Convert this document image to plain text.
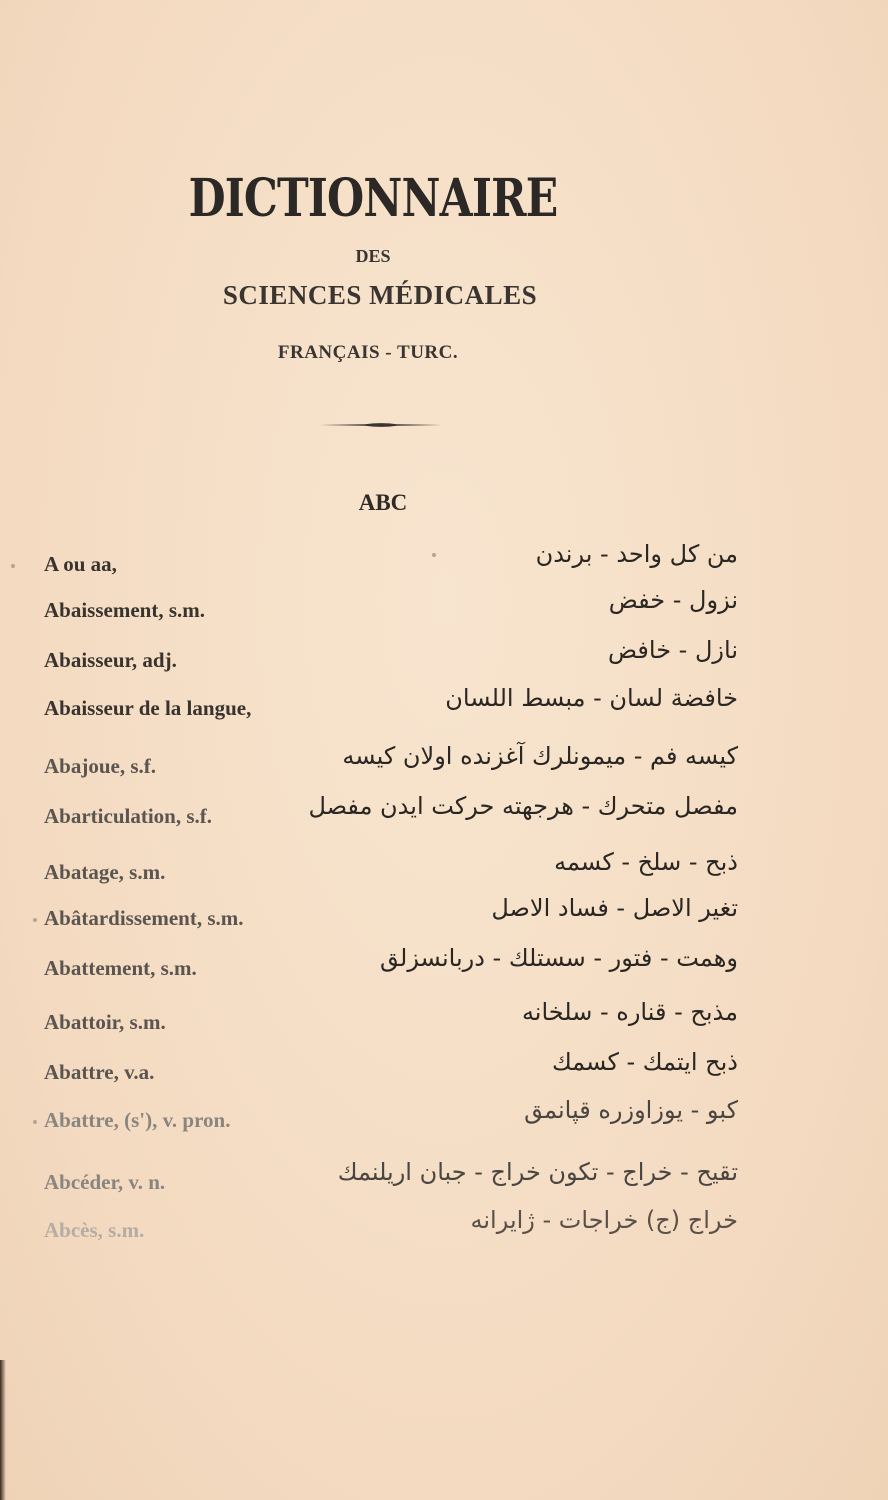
DICTIONNAIRE
DES
SCIENCES MÉDICALES
FRANÇAIS - TURC.
ABC
A ou aa,	من كل واحد - برندن
Abaissement, s.m.	نزول - خفض
Abaisseur, adj.	نازل - خافض
Abaisseur de la langue,	خافضة لسان - مبسط اللسان
Abajoue, s.f.	كيسه فم - ميمونلرك آغزنده اولان كيسه
Abarticulation, s.f.	مفصل متحرك - هرجهته حركت ايدن مفصل
Abatage, s.m.	ذبح - سلخ - كسمه
Abâtardissement, s.m.	تغير الاصل - فساد الاصل
Abattement, s.m.	وهمت - فتور - سستلك - دربانسزلق
Abattoir, s.m.	مذبح - قناره - سلخانه
Abattre, v.a.	ذبح ايتمك - كسمك
Abattre, (s'), v. pron.	كبو - يوزاوزره قپانمق
Abcéder, v. n.	تقيح - خراج - تكون خراج - جبان اريلنمك
Abcès, s.m.	خراج (ج) خراجات - ژايرانه
